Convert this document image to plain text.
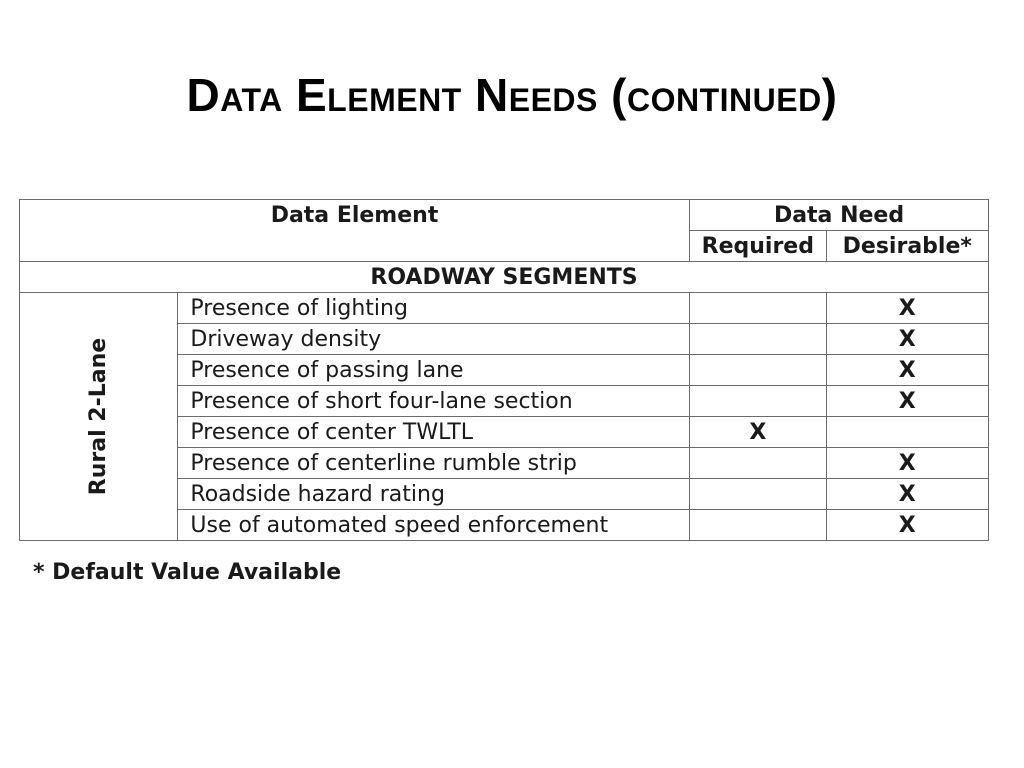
Data Element Needs (continued)
Data Element		Data Need	
		Required	Desirable*
ROADWAY SEGMENTS			
Rural 2-Lane	Presence of lighting		X
	Driveway density		X
	Presence of passing lane		X
	Presence of short four-lane section		X
	Presence of center TWLTL	X	
	Presence of centerline rumble strip		X
	Roadside hazard rating		X
	Use of automated speed enforcement		X
* Default Value Available
